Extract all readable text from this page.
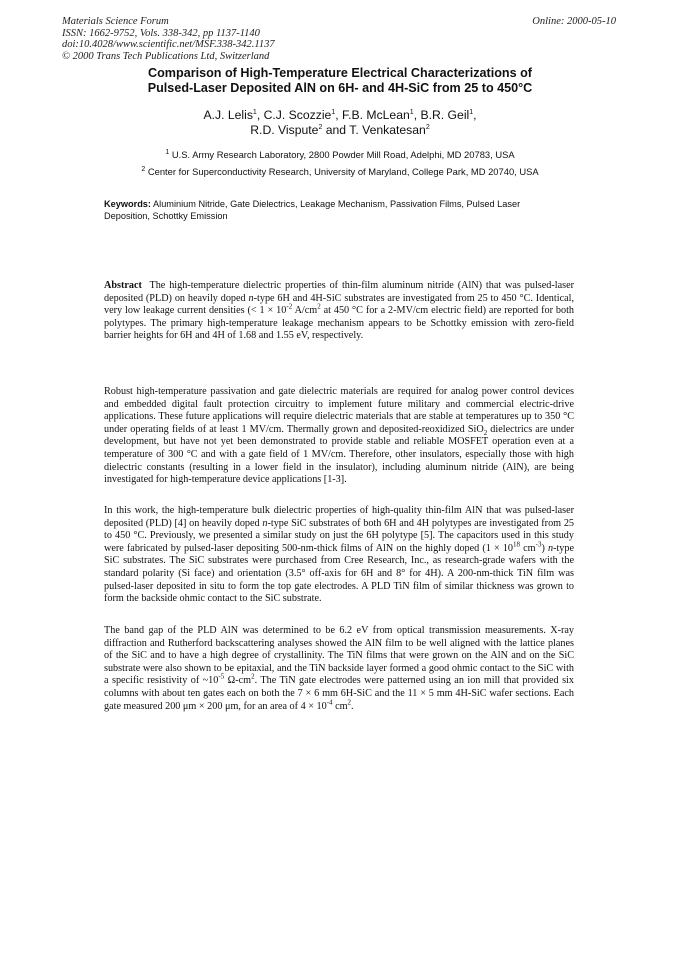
Materials Science Forum
ISSN: 1662-9752, Vols. 338-342, pp 1137-1140
doi:10.4028/www.scientific.net/MSF.338-342.1137
© 2000 Trans Tech Publications Ltd, Switzerland
Online: 2000-05-10
Comparison of High-Temperature Electrical Characterizations of
Pulsed-Laser Deposited AlN on 6H- and 4H-SiC from 25 to 450°C

A.J. Lelis$^1$, C.J. Scozzie$^1$, F.B. McLean$^1$, B.R. Geil$^1$,
R.D. Vispute$^2$ and T. Venkatesan$^2$

$^1$ U.S. Army Research Laboratory, 2800 Powder Mill Road, Adelphi, MD 20783, USA

$^2$ Center for Superconductivity Research, University of Maryland, College Park, MD 20740, USA

Keywords: Aluminium Nitride, Gate Dielectrics, Leakage Mechanism, Passivation Films, Pulsed Laser Deposition, Schottky Emission

Abstract The high-temperature dielectric properties of thin-film aluminum nitride (AlN) that was pulsed-laser deposited (PLD) on heavily doped n-type 6H and 4H-SiC substrates are investigated from 25 to 450 °C. Identical, very low leakage current densities (< $1 \times 10^{-2}$ $A/cm^2$ at 450 °C for a 2-MV/cm electric field) are reported for both polytypes. The primary high-temperature leakage mechanism appears to be Schottky emission with zero-field barrier heights for 6H and 4H of 1.68 and 1.55 eV, respectively.

Robust high-temperature passivation and gate dielectric materials are required for analog power control devices and embedded digital fault protection circuitry to implement future military and commercial electric-drive applications. These future applications will require dielectric materials that are stable at temperatures up to 350 °C under operating fields of at least 1 MV/cm. Thermally grown and deposited-reoxidized SiO$_2$ dielectrics are under development, but have not yet been demonstrated to provide stable and reliable MOSFET operation even at a temperature of 300 °C and with a gate field of 1 MV/cm. Therefore, other insulators, especially those with high dielectric constants (resulting in a lower field in the insulator), including aluminum nitride (AlN), are being investigated for high-temperature device applications [1-3].

In this work, the high-temperature bulk dielectric properties of high-quality thin-film AlN that was pulsed-laser deposited (PLD) [4] on heavily doped n-type SiC substrates of both 6H and 4H polytypes are investigated from 25 to 450 °C. Previously, we presented a similar study on just the 6H polytype [5]. The capacitors used in this study were fabricated by pulsed-laser depositing 500-nm-thick films of AlN on the highly doped ($1 \times 10^{18}$ $cm^{-3}$) n-type SiC substrates. The SiC substrates were purchased from Cree Research, Inc., as research-grade wafers with the standard polarity (Si face) and orientation (3.5° off-axis for 6H and 8° for 4H). A 200-nm-thick TiN film was pulsed-laser deposited in situ to form the top gate electrodes. A PLD TiN film of similar thickness was grown to form the backside ohmic contact to the SiC substrate.

The band gap of the PLD AlN was determined to be 6.2 eV from optical transmission measurements. X-ray diffraction and Rutherford backscattering analyses showed the AlN film to be well aligned with the lattice planes of the SiC and to have a high degree of crystallinity. The TiN films that were grown on the AlN and on the SiC substrate were also shown to be epitaxial, and the TiN backside layer formed a good ohmic contact to the SiC with a specific resistivity of $\sim 10^{-5}$ $\Omega-cm^2$. The TiN gate electrodes were patterned using an ion mill that provided six columns with about ten gates each on both the 7 × 6 mm 6H-SiC and the 11 × 5 mm 4H-SiC wafer sections. Each gate measured 200 μm × 200 μm, for an area of $4 \times 10^{-4}$ $cm^2$.
